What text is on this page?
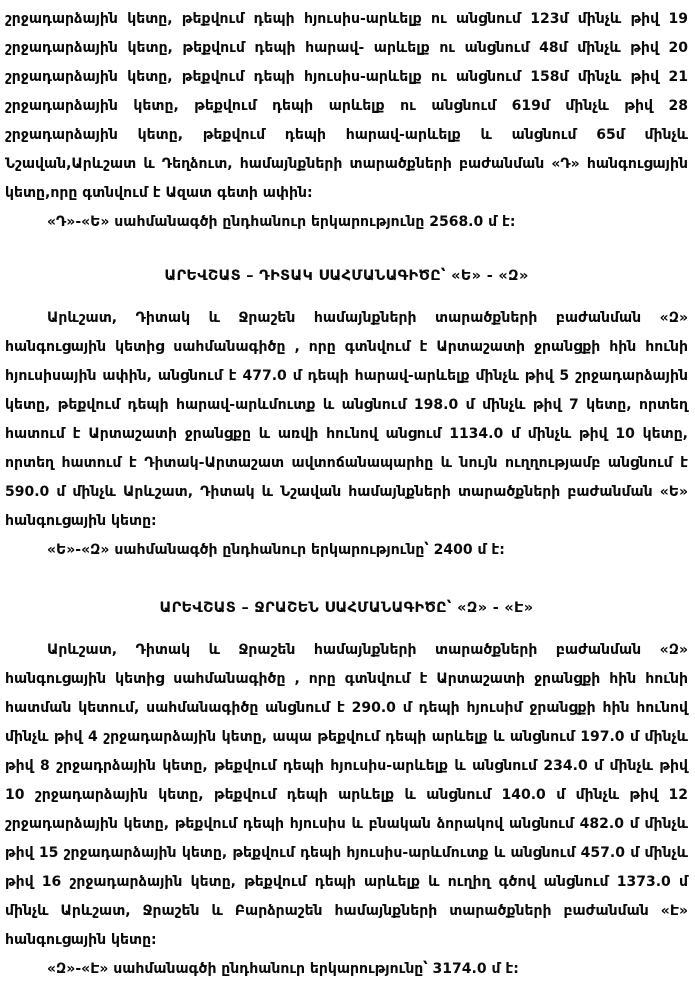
շրջադարձային կետը, թեքվում դեպի հյուսիս-արևելք ու անցնում 123մ մինչև թիվ 19 շրջադարձային կետը, թեքվում դեպի հարավ- արևելք ու անցնում 48մ մինչև թիվ 20 շրջադարձային կետը, թեքվում դեպի հյուսիս-արևելք ու անցնում 158մ մինչև թիվ 21 շրջադարձային կետը, թեքվում դեպի արևելք ու անցնում 619մ մինչև թիվ 28 շրջադարձային կետը, թեքվում դեպի հարավ-արևելք և անցնում 65մ մինչև Նշավան,Արևշատ և Դեղձուտ, համայնքների տարածքների բաժանման «Դ» հանգուցային կետը,որը գտնվում է Ազատ գետի ափին:

«Դ»-«Ե» սահմանագծի ընդհանուր երկարությունը 2568.0 մ է:

ԱՐԵՎՇԱՏ – ԴԻՏԱԿ ՍԱՀՄԱՆԱԳԻԾԸ՝ «Ե» - «Զ»

Արևշատ, Դիտակ և Ջրաշեն համայնքների տարածքների բաժանման «Զ» հանգուցային կետից սահմանագիծը , որը գտնվում է Արտաշատի ջրանցքի հին հունի հյուսիսային ափին, անցնում է 477.0 մ դեպի հարավ-արևելք մինչև թիվ 5 շրջադարձային կետը, թեքվում դեպի հարավ-արևմուտք և անցնում 198.0 մ մինչև թիվ 7 կետը, որտեղ հատում է Արտաշատի ջրանցքը և առվի հունով անցում 1134.0 մ մինչև թիվ 10 կետը, որտեղ հատում է Դիտակ-Արտաշատ ավտոճանապարհը և նույն ուղղությամբ անցնում է 590.0 մ մինչև Արևշատ, Դիտակ և Նշավան համայնքների տարածքների բաժանման «Ե» հանգուցային կետը:

«Ե»-«Զ» սահմանագծի ընդհանուր երկարությունը՝ 2400 մ է:

ԱՐԵՎՇԱՏ – ՋՐԱՇԵՆ ՍԱՀՄԱՆԱԳԻԾԸ՝ «Զ» - «Է»

Արևշատ, Դիտակ և Ջրաշեն համայնքների տարածքների բաժանման «Զ» հանգուցային կետից սահմանագիծը , որը գտնվում է Արտաշատի ջրանցքի հին հունի հատման կետում, սահմանագիծը անցնում է 290.0 մ դեպի հյուսիմ ջրանցքի հին հունով մինչև թիվ 4 շրջադարձային կետը, ապա թեքվում դեպի արևելք և անցնում 197.0 մ մինչև թիվ 8 շրջադրձային կետը, թեքվում դեպի հյուսիս-արևելք և անցնում 234.0 մ մինչև թիվ 10 շրջադարձային կետը, թեքվում դեպի արևելք և անցնում 140.0 մ մինչև թիվ 12 շրջադարձային կետը, թեքվում դեպի հյուսիս և բնական ձորակով անցնում 482.0 մ մինչև թիվ 15 շրջադարձային կետը, թեքվում դեպի հյուսիս-արևմուտք և անցնում 457.0 մ մինչև թիվ 16 շրջադարձային կետը, թեքվում դեպի արևելք և ուղիղ գծով անցնում 1373.0 մ մինչև Արևշատ, Ջրաշեն և Բարձրաշեն համայնքների տարածքների բաժանման «Է» հանգուցային կետը:

«Զ»-«Է» սահմանագծի ընդհանուր երկարությունը՝ 3174.0 մ է:
